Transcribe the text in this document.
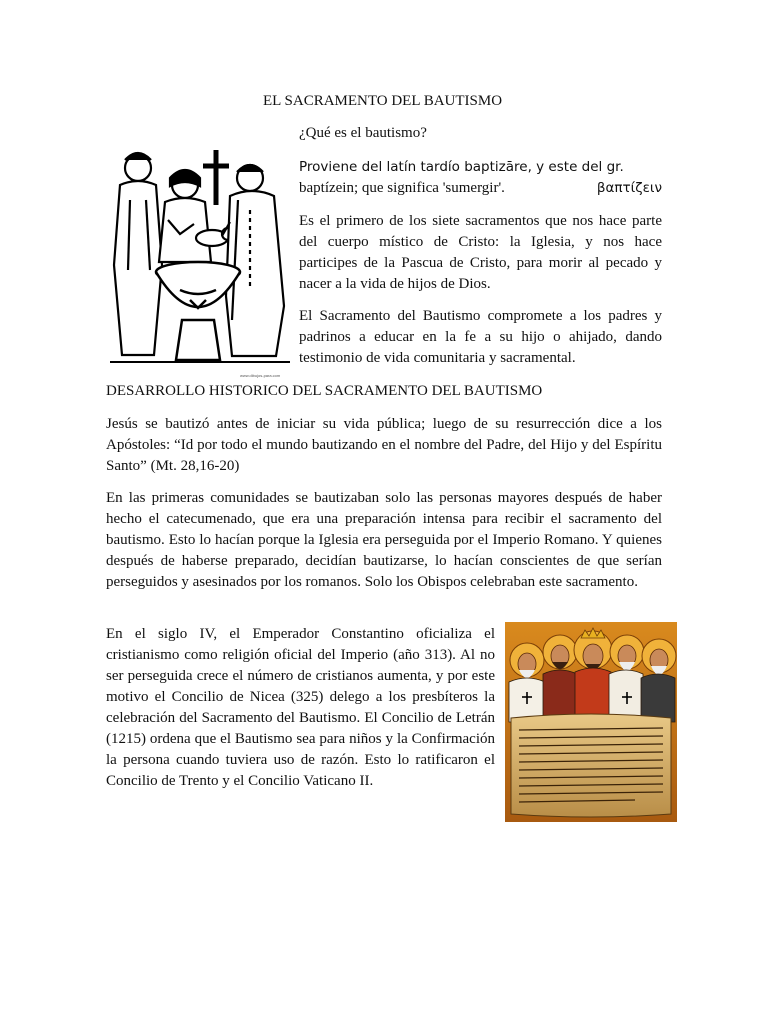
EL SACRAMENTO DEL BAUTISMO
www.dibujos-para.com

¿Qué es el bautismo?

Proviene del latín tardío baptizāre, y este del gr.
βαπτίζειν

baptízein; que significa 'sumergir'.

Es el primero de los siete sacramentos que nos hace parte del cuerpo místico de Cristo: la Iglesia, y nos hace participes de la Pascua de Cristo, para morir al pecado y nacer a la vida de hijos de Dios.

El Sacramento del Bautismo compromete a los padres y padrinos a educar en la fe a su hijo o ahijado, dando testimonio de vida comunitaria y sacramental.

DESARROLLO HISTORICO DEL SACRAMENTO DEL BAUTISMO

Jesús se bautizó antes de iniciar su vida pública; luego de su resurrección dice a los Apóstoles: “Id por todo el mundo bautizando en el nombre del Padre, del Hijo y del Espíritu Santo” (Mt. 28,16-20)

En las primeras comunidades se bautizaban solo las personas mayores después de haber hecho el catecumenado, que era una preparación intensa para recibir el sacramento del bautismo. Esto lo hacían porque la Iglesia era perseguida por el Imperio Romano. Y quienes después de haberse preparado, decidían bautizarse, lo hacían conscientes de que serían perseguidos y asesinados por los romanos. Solo los Obispos celebraban este sacramento.

En el siglo IV, el Emperador Constantino oficializa el cristianismo como religión oficial del Imperio (año 313). Al no ser perseguida crece el número de cristianos aumenta, y por este motivo el Concilio de Nicea (325) delego a los presbíteros la celebración del Sacramento del Bautismo. El Concilio de Letrán (1215) ordena que el Bautismo sea para niños y la Confirmación la persona cuando tuviera uso de razón. Esto lo ratificaron el Concilio de Trento y el Concilio Vaticano II.
